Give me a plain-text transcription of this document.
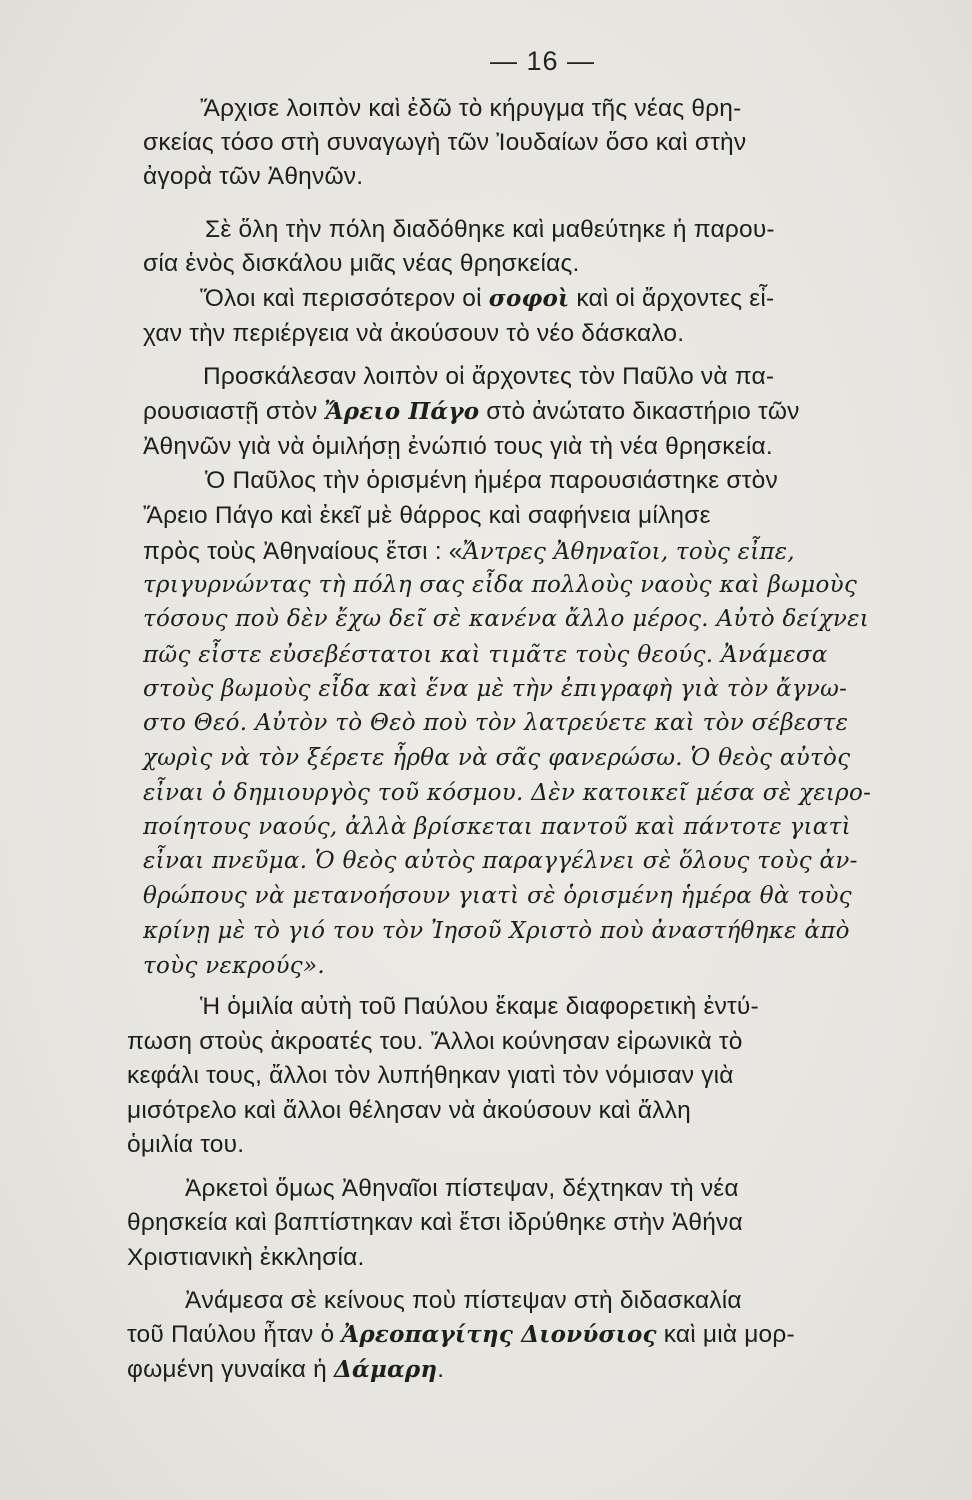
— 16 —
Ἄρχισε λοιπὸν καὶ ἐδῶ τὸ κήρυγμα τῆς νέας θρη-
σκείας τόσο στὴ συναγωγὴ τῶν Ἰουδαίων ὅσο καὶ στὴν
ἀγορὰ τῶν Ἀθηνῶν.
Σὲ ὅλη τὴν πόλη διαδόθηκε καὶ μαθεύτηκε ἡ παρου-
σία ἑνὸς δισκάλου μιᾶς νέας θρησκείας.
Ὅλοι καὶ περισσότερον οἱ σοφοὶ καὶ οἱ ἄρχοντες εἶ-
χαν τὴν περιέργεια νὰ ἀκούσουν τὸ νέο δάσκαλο.
Προσκάλεσαν λοιπὸν οἱ ἄρχοντες τὸν Παῦλο νὰ πα-
ρουσιαστῇ στὸν Ἄρειο Πάγο στὸ ἀνώτατο δικαστήριο τῶν
Ἀθηνῶν γιὰ νὰ ὁμιλήσῃ ἐνώπιό τους γιὰ τὴ νέα θρησκεία.
Ὁ Παῦλος τὴν ὁρισμένη ἡμέρα παρουσιάστηκε στὸν
Ἄρειο Πάγο καὶ ἐκεῖ μὲ θάρρος καὶ σαφήνεια μίλησε
πρὸς τοὺς Ἀθηναίους ἔτσι : «Ἄντρες Ἀθηναῖοι, τοὺς εἶπε,
τριγυρνώντας τὴ πόλη σας εἶδα πολλοὺς ναοὺς καὶ βωμοὺς
τόσους ποὺ δὲν ἔχω δεῖ σὲ κανένα ἄλλο μέρος. Αὐτὸ δείχνει
πῶς εἶστε εὐσεβέστατοι καὶ τιμᾶτε τοὺς θεούς. Ἀνάμεσα
στοὺς βωμοὺς εἶδα καὶ ἕνα μὲ τὴν ἐπιγραφὴ γιὰ τὸν ἄγνω-
στο Θεό. Αὐτὸν τὸ Θεὸ ποὺ τὸν λατρεύετε καὶ τὸν σέβεστε
χωρὶς νὰ τὸν ξέρετε ἦρθα νὰ σᾶς φανερώσω. Ὁ θεὸς αὐτὸς
εἶναι ὁ δημιουργὸς τοῦ κόσμου. Δὲν κατοικεῖ μέσα σὲ χειρο-
ποίητους ναούς, ἀλλὰ βρίσκεται παντοῦ καὶ πάντοτε γιατὶ
εἶναι πνεῦμα. Ὁ θεὸς αὐτὸς παραγγέλνει σὲ ὅλους τοὺς ἀν-
θρώπους νὰ μετανοήσουν γιατὶ σὲ ὁρισμένη ἡμέρα θὰ τοὺς
κρίνῃ μὲ τὸ γιό του τὸν Ἰησοῦ Χριστὸ ποὺ ἀναστήθηκε ἀπὸ
τοὺς νεκρούς».
Ἡ ὁμιλία αὐτὴ τοῦ Παύλου ἔκαμε διαφορετικὴ ἐντύ-
πωση στοὺς ἀκροατές του. Ἄλλοι κούνησαν εἰρωνικὰ τὸ
κεφάλι τους, ἄλλοι τὸν λυπήθηκαν γιατὶ τὸν νόμισαν γιὰ
μισότρελο καὶ ἄλλοι θέλησαν νὰ ἀκούσουν καὶ ἄλλη
ὁμιλία του.
Ἀρκετοὶ ὅμως Ἀθηναῖοι πίστεψαν, δέχτηκαν τὴ νέα
θρησκεία καὶ βαπτίστηκαν καὶ ἔτσι ἱδρύθηκε στὴν Ἀθήνα
Χριστιανικὴ ἐκκλησία.
Ἀνάμεσα σὲ κείνους ποὺ πίστεψαν στὴ διδασκαλία
τοῦ Παύλου ἦταν ὁ Ἀρεοπαγίτης Διονύσιος καὶ μιὰ μορ-
φωμένη γυναίκα ἡ Δάμαρη.
